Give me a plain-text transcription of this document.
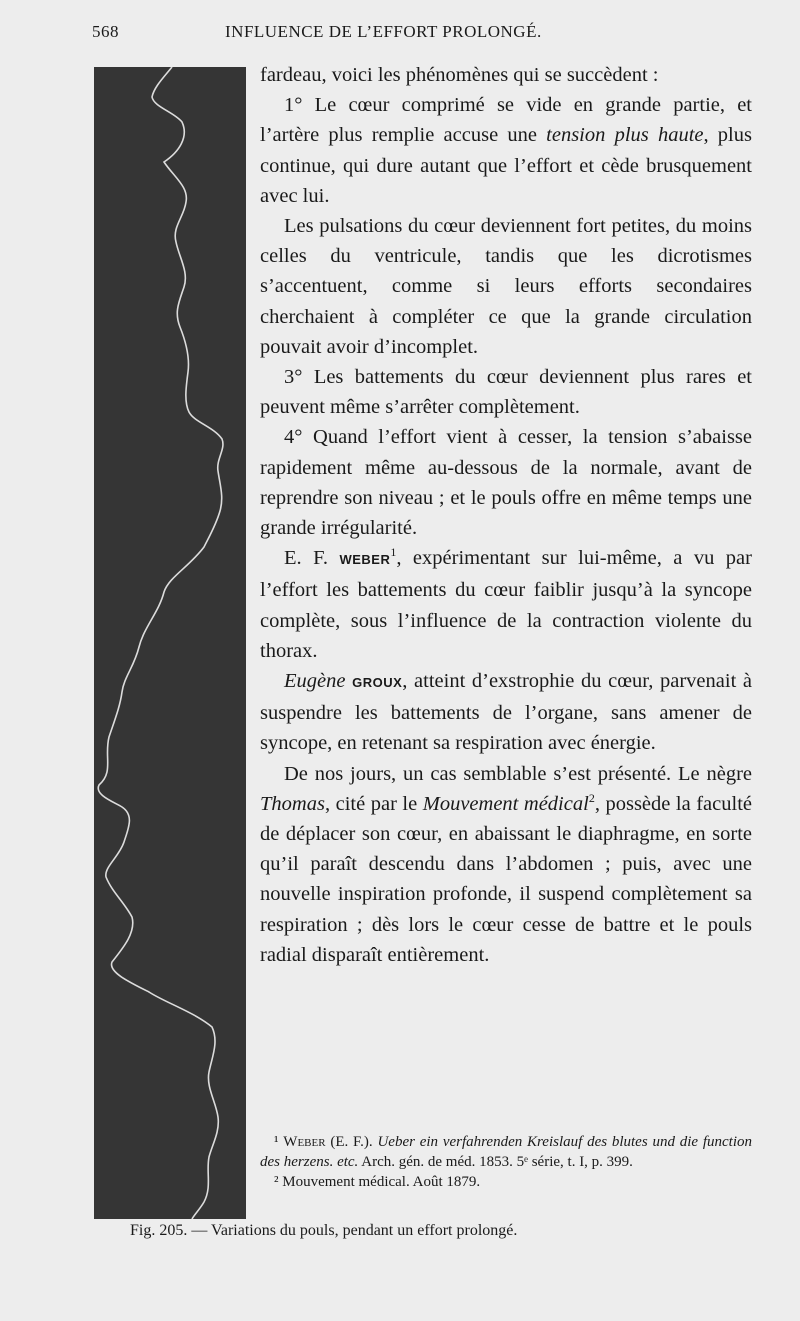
568	INFLUENCE DE L’EFFORT PROLONGÉ.

fardeau, voici les phénomènes qui se succèdent :

1° Le cœur comprimé se vide en grande partie, et l’artère plus remplie accuse une tension plus haute, plus continue, qui dure autant que l’effort et cède brusquement avec lui.

Les pulsations du cœur deviennent fort petites, du moins celles du ventricule, tandis que les dicrotismes s’accentuent, comme si leurs efforts secondaires cherchaient à compléter ce que la grande circulation pouvait avoir d’incomplet.

3° Les battements du cœur deviennent plus rares et peuvent même s’arrêter complètement.

4° Quand l’effort vient à cesser, la tension s’abaisse rapidement même au-dessous de la normale, avant de reprendre son niveau ; et le pouls offre en même temps une grande irrégularité.

E. F. WEBER$^1$, expérimentant sur lui-même, a vu par l’effort les battements du cœur faiblir jusqu’à la syncope complète, sous l’influence de la contraction violente du thorax.

Eugène GROUX, atteint d’exstrophie du cœur, parvenait à suspendre les battements de l’organe, sans amener de syncope, en retenant sa respiration avec énergie.

De nos jours, un cas semblable s’est présenté. Le nègre Thomas, cité par le Mouvement médical$^2$, possède la faculté de déplacer son cœur, en abaissant le diaphragme, en sorte qu’il paraît descendu dans l’abdomen ; puis, avec une nouvelle inspiration profonde, il suspend complètement sa respiration ; dès lors le cœur cesse de battre et le pouls radial disparaît entièrement.

¹ Weber (E. F.). Ueber ein verfahrenden Kreislauf des blutes und die function des herzens. etc. Arch. gén. de méd. 1853. 5ᵉ série, t. I, p. 399.

² Mouvement médical. Août 1879.

Fig. 205. — Variations du pouls, pendant un effort prolongé.
